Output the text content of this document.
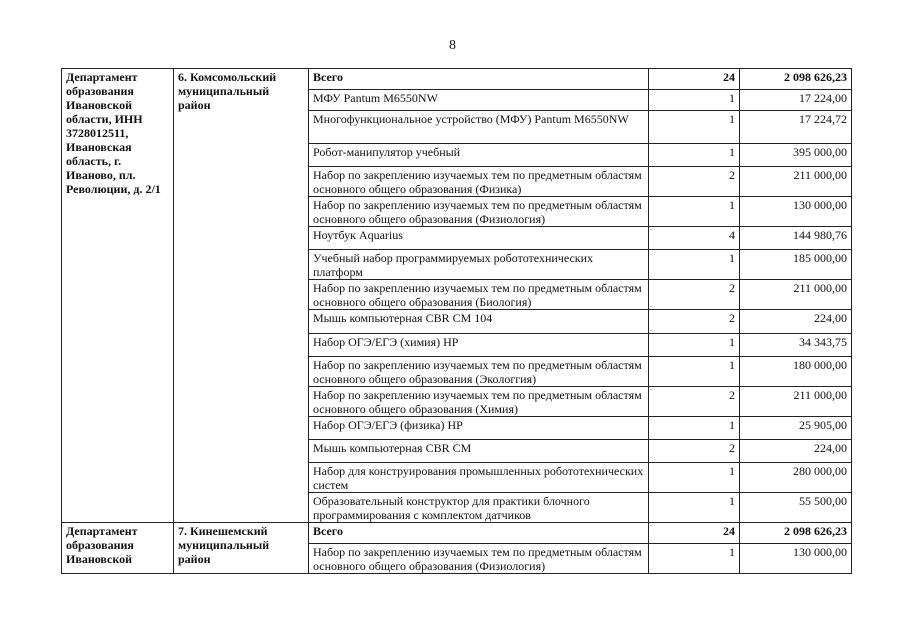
8
Департамент образования Ивановской области, ИНН 3728012511, Ивановская область, г. Иваново, пл. Революции, д. 2/1	6. Комсомольский муниципальный район	Всего	24	2 098 626,23
		МФУ Pantum M6550NW	1	17 224,00
		Многофункциональное устройство (МФУ) Pantum M6550NW	1	17 224,72
		Робот-манипулятор учебный	1	395 000,00
		Набор по закреплению изучаемых тем по предметным областям основного общего образования (Физика)	2	211 000,00
		Набор по закреплению изучаемых тем по предметным областям основного общего образования (Физиология)	1	130 000,00
		Ноутбук Aquarius	4	144 980,76
		Учебный набор программируемых робототехнических платформ	1	185 000,00
		Набор по закреплению изучаемых тем по предметным областям основного общего образования (Биология)	2	211 000,00
		Мышь компьютерная CBR CM 104	2	224,00
		Набор ОГЭ/ЕГЭ (химия) HP	1	34 343,75
		Набор по закреплению изучаемых тем по предметным областям основного общего образования (Экологгия)	1	180 000,00
		Набор по закреплению изучаемых тем по предметным областям основного общего образования (Химия)	2	211 000,00
		Набор ОГЭ/ЕГЭ (физика) HP	1	25 905,00
		Мышь компьютерная CBR CM	2	224,00
		Набор для конструирования промышленных робототехнических систем	1	280 000,00
		Образовательный конструктор для практики блочного программирования с комплектом датчиков	1	55 500,00
Департамент образования Ивановской	7. Кинешемский муниципальный район	Всего	24	2 098 626,23
		Набор по закреплению изучаемых тем по предметным областям основного общего образования (Физиология)	1	130 000,00
